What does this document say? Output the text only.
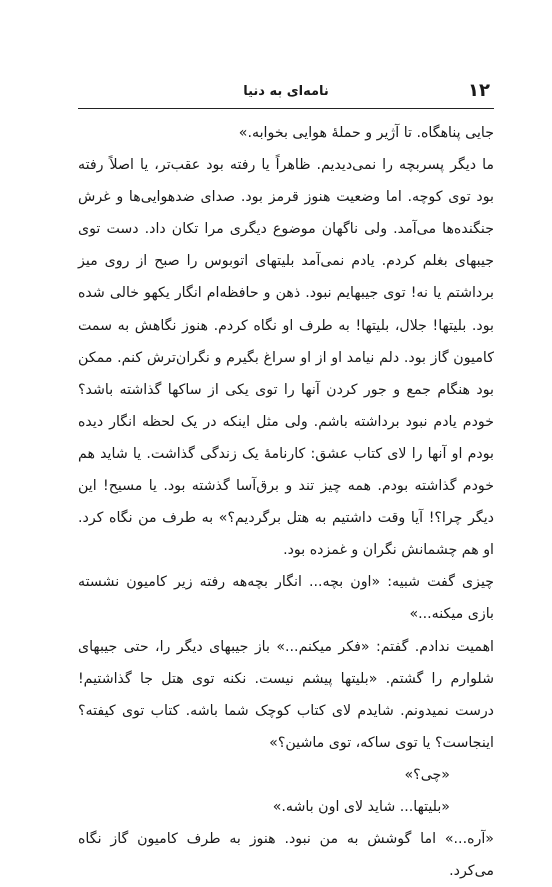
۱۲
نامه‌ای به دنیا

جایی پناهگاه. تا آژیر و حملهٔ هوایی بخوابه.»

ما دیگر پسربچه را نمی‌دیدیم. ظاهراً یا رفته بود عقب‌تر، یا اصلاً رفته بود توی کوچه. اما وضعیت هنوز قرمز بود. صدای ضدهوایی‌ها و غرش جنگنده‌ها می‌آمد. ولی ناگهان موضوع دیگری مرا تکان داد. دست توی جیبهای بغلم کردم. یادم نمی‌آمد بلیتهای اتوبوس را صبح از روی میز برداشتم یا نه! توی جیبهایم نبود. ذهن و حافظه‌ام انگار یکهو خالی شده بود. بلیتها! جلال، بلیتها! به طرف او نگاه کردم. هنوز نگاهش به سمت کامیون گاز بود. دلم نیامد او از او سراغ بگیرم و نگران‌ترش کنم. ممکن بود هنگام جمع و جور کردن آنها را توی یکی از ساکها گذاشته باشد؟ خودم یادم نبود برداشته باشم. ولی مثل اینکه در یک لحظه انگار دیده بودم او آنها را لای کتاب عشق: کارنامهٔ یک زندگی گذاشت. یا شاید هم خودم گذاشته بودم. همه چیز تند و برق‌آسا گذشته بود. یا مسیح! این دیگر چرا؟! آیا وقت داشتیم به هتل برگردیم؟» به طرف من نگاه کرد. او هم چشمانش نگران و غمزده بود.

چیزی گفت شبیه: «اون بچه... انگار بچه‌هه رفته زیر کامیون نشسته بازی میکنه...»

اهمیت ندادم. گفتم: «فکر میکنم...» باز جیبهای دیگر را، حتی جیبهای شلوارم را گشتم. «بلیتها پیشم نیست. نکنه توی هتل جا گذاشتیم! درست نمیدونم. شایدم لای کتاب کوچک شما باشه. کتاب توی کیفته؟ اینجاست؟ یا توی ساکه، توی ماشین؟»

«چی؟»

«بلیتها... شاید لای اون باشه.»

«آره...» اما گوشش به من نبود. هنوز به طرف کامیون گاز نگاه می‌کرد.
